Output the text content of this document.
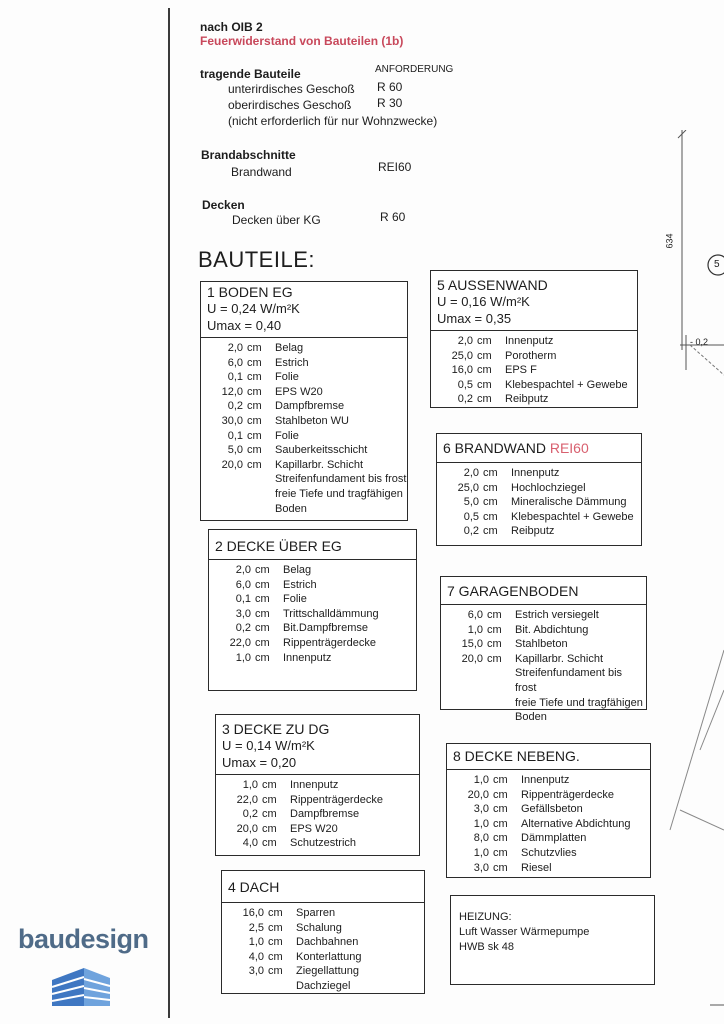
nach OIB 2
Feuerwiderstand von Bauteilen (1b)
tragende Bauteile	ANFORDERUNG
unterirdisches Geschoß R 60
oberirdisches Geschoß R 30
(nicht erforderlich für nur Wohnzwecke)
Brandabschnitte
Brandwand	REI60
Decken
Decken über KG	R 60
BAUTEILE:
1 BODEN EG
U = 0,24 W/m²K
Umax = 0,40
2,0	cm	Belag
6,0	cm	Estrich
0,1	cm	Folie
12,0	cm	EPS W20
0,2	cm	Dampfbremse
30,0	cm	Stahlbeton WU
0,1	cm	Folie
5,0	cm	Sauberkeitsschicht
20,0	cm	Kapillarbr. Schicht
		Streifenfundament bis frost
		freie Tiefe und tragfähigen
		Boden
2 DECKE ÜBER EG
2,0	cm	Belag
6,0	cm	Estrich
0,1	cm	Folie
3,0	cm	Trittschalldämmung
0,2	cm	Bit.Dampfbremse
22,0	cm	Rippenträgerdecke
1,0	cm	Innenputz
3 DECKE ZU DG
U = 0,14 W/m²K
Umax = 0,20
1,0	cm	Innenputz
22,0	cm	Rippenträgerdecke
0,2	cm	Dampfbremse
20,0	cm	EPS W20
4,0	cm	Schutzestrich
4 DACH
16,0	cm	Sparren
2,5	cm	Schalung
1,0	cm	Dachbahnen
4,0	cm	Konterlattung
3,0	cm	Ziegellattung
		Dachziegel
5 AUSSENWAND
U = 0,16 W/m²K
Umax = 0,35
2,0	cm	Innenputz
25,0	cm	Porotherm
16,0	cm	EPS F
0,5	cm	Klebespachtel + Gewebe
0,2	cm	Reibputz
6 BRANDWAND REI60
2,0	cm	Innenputz
25,0	cm	Hochlochziegel
5,0	cm	Mineralische Dämmung
0,5	cm	Klebespachtel + Gewebe
0,2	cm	Reibputz
7 GARAGENBODEN
6,0	cm	Estrich versiegelt
1,0	cm	Bit. Abdichtung
15,0	cm	Stahlbeton
20,0	cm	Kapillarbr. Schicht
		Streifenfundament bis frost
		freie Tiefe und tragfähigen
		Boden
8 DECKE NEBENG.
1,0	cm	Innenputz
20,0	cm	Rippenträgerdecke
3,0	cm	Gefällsbeton
1,0	cm	Alternative Abdichtung
8,0	cm	Dämmplatten
1,0	cm	Schutzvlies
3,0	cm	Riesel
HEIZUNG:
Luft Wasser Wärmepumpe
HWB sk 48
baudesign
634
5
- 0,2
